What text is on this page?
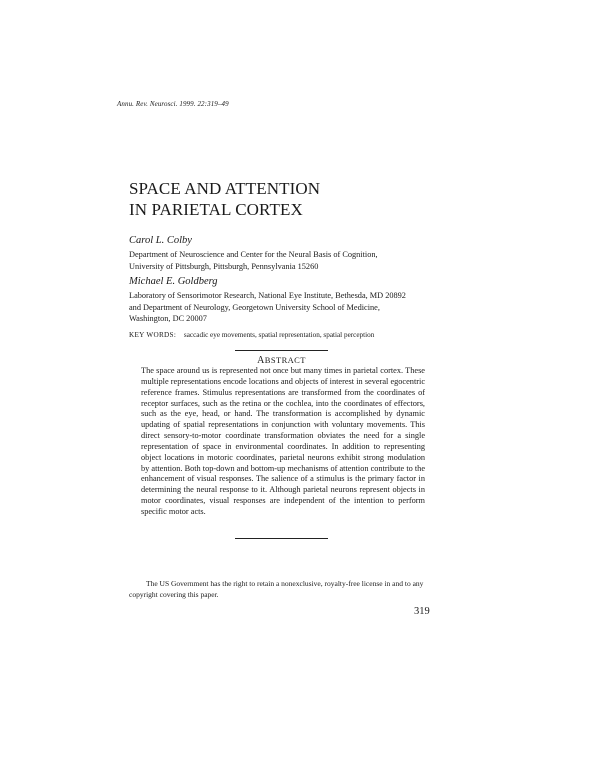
Annu. Rev. Neurosci. 1999. 22:319–49
SPACE AND ATTENTION
IN PARIETAL CORTEX
Carol L. Colby
Department of Neuroscience and Center for the Neural Basis of Cognition,
University of Pittsburgh, Pittsburgh, Pennsylvania 15260
Michael E. Goldberg
Laboratory of Sensorimotor Research, National Eye Institute, Bethesda, MD 20892
and Department of Neurology, Georgetown University School of Medicine,
Washington, DC 20007
KEY WORDS: saccadic eye movements, spatial representation, spatial perception
ABSTRACT

The space around us is represented not once but many times in parietal cortex. These multiple representations encode locations and objects of interest in several egocentric reference frames. Stimulus representations are transformed from the coordinates of receptor surfaces, such as the retina or the cochlea, into the coordinates of effectors, such as the eye, head, or hand. The transformation is accomplished by dynamic updating of spatial representations in conjunction with voluntary movements. This direct sensory-to-motor coordinate transformation obviates the need for a single representation of space in environmental coordinates. In addition to representing object locations in motoric coordinates, parietal neurons exhibit strong modulation by attention. Both top-down and bottom-up mechanisms of attention contribute to the enhancement of visual responses. The salience of a stimulus is the primary factor in determining the neural response to it. Although parietal neurons represent objects in motor coordinates, visual responses are independent of the intention to perform specific motor acts.

The US Government has the right to retain a nonexclusive, royalty-free license in and to any copyright covering this paper.

319
